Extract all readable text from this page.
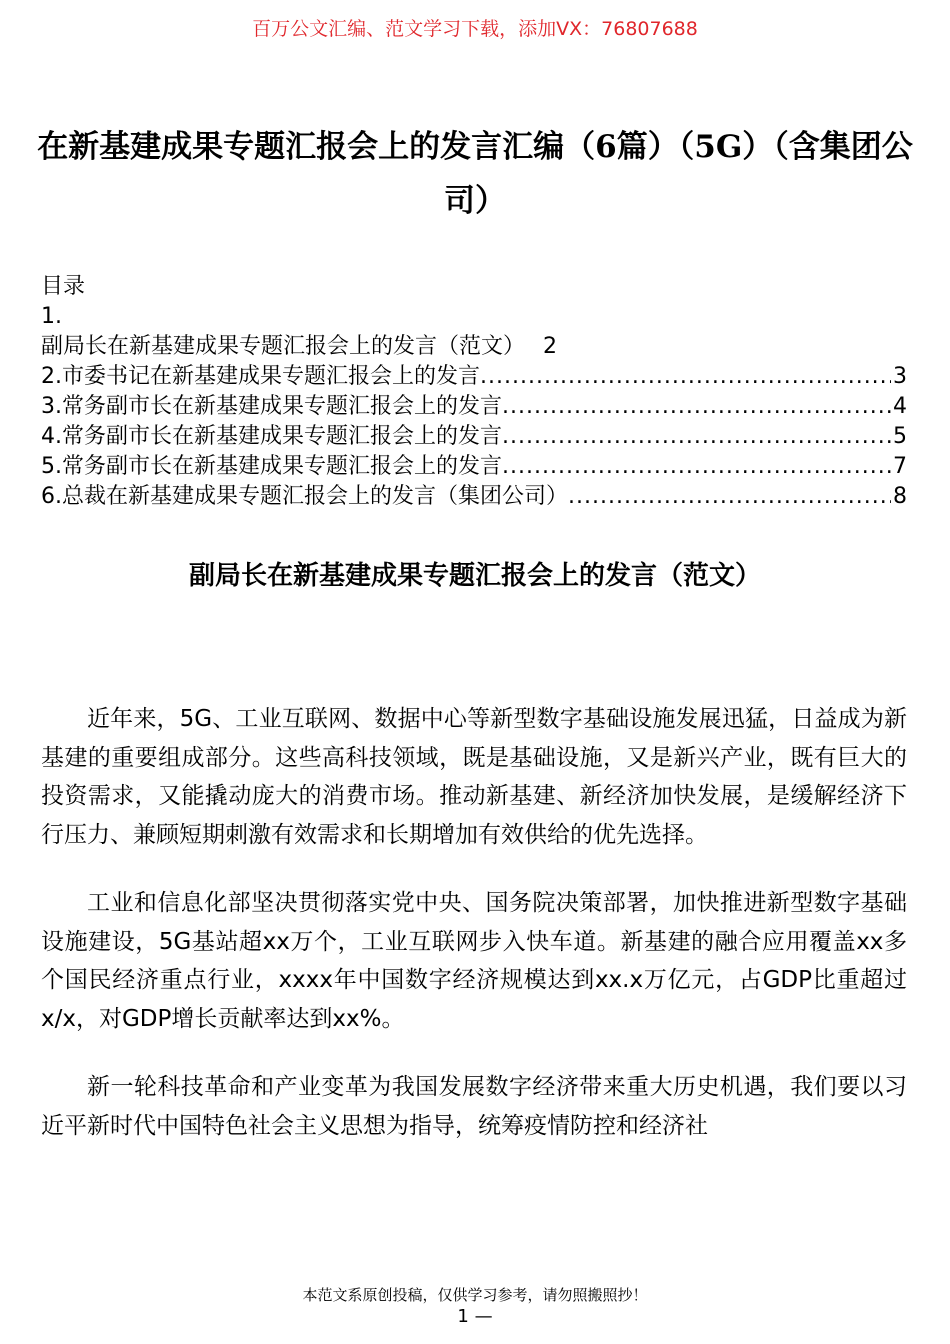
百万公文汇编、范文学习下载，添加VX：76807688
在新基建成果专题汇报会上的发言汇编（6篇）（5G）（含集团公司）
目录
1.
副局长在新基建成果专题汇报会上的发言（范文） 2
2. 市委书记在新基建成果专题汇报会上的发言 .....	3
3. 常务副市长在新基建成果专题汇报会上的发言 .....	4
4. 常务副市长在新基建成果专题汇报会上的发言 .....	5
5. 常务副市长在新基建成果专题汇报会上的发言 .....	7
6. 总裁在新基建成果专题汇报会上的发言（集团公司） .....	8
副局长在新基建成果专题汇报会上的发言（范文）

近年来，5G、工业互联网、数据中心等新型数字基础设施发展迅猛，日益成为新基建的重要组成部分。这些高科技领域，既是基础设施，又是新兴产业，既有巨大的投资需求，又能撬动庞大的消费市场。推动新基建、新经济加快发展，是缓解经济下行压力、兼顾短期刺激有效需求和长期增加有效供给的优先选择。

工业和信息化部坚决贯彻落实党中央、国务院决策部署，加快推进新型数字基础设施建设，5G基站超xx万个，工业互联网步入快车道。新基建的融合应用覆盖xx多个国民经济重点行业，xxxx年中国数字经济规模达到xx.x万亿元，占GDP比重超过x/x，对GDP增长贡献率达到xx%。

新一轮科技革命和产业变革为我国发展数字经济带来重大历史机遇，我们要以习近平新时代中国特色社会主义思想为指导，统筹疫情防控和经济社

本范文系原创投稿，仅供学习参考，请勿照搬照抄！
1 —
